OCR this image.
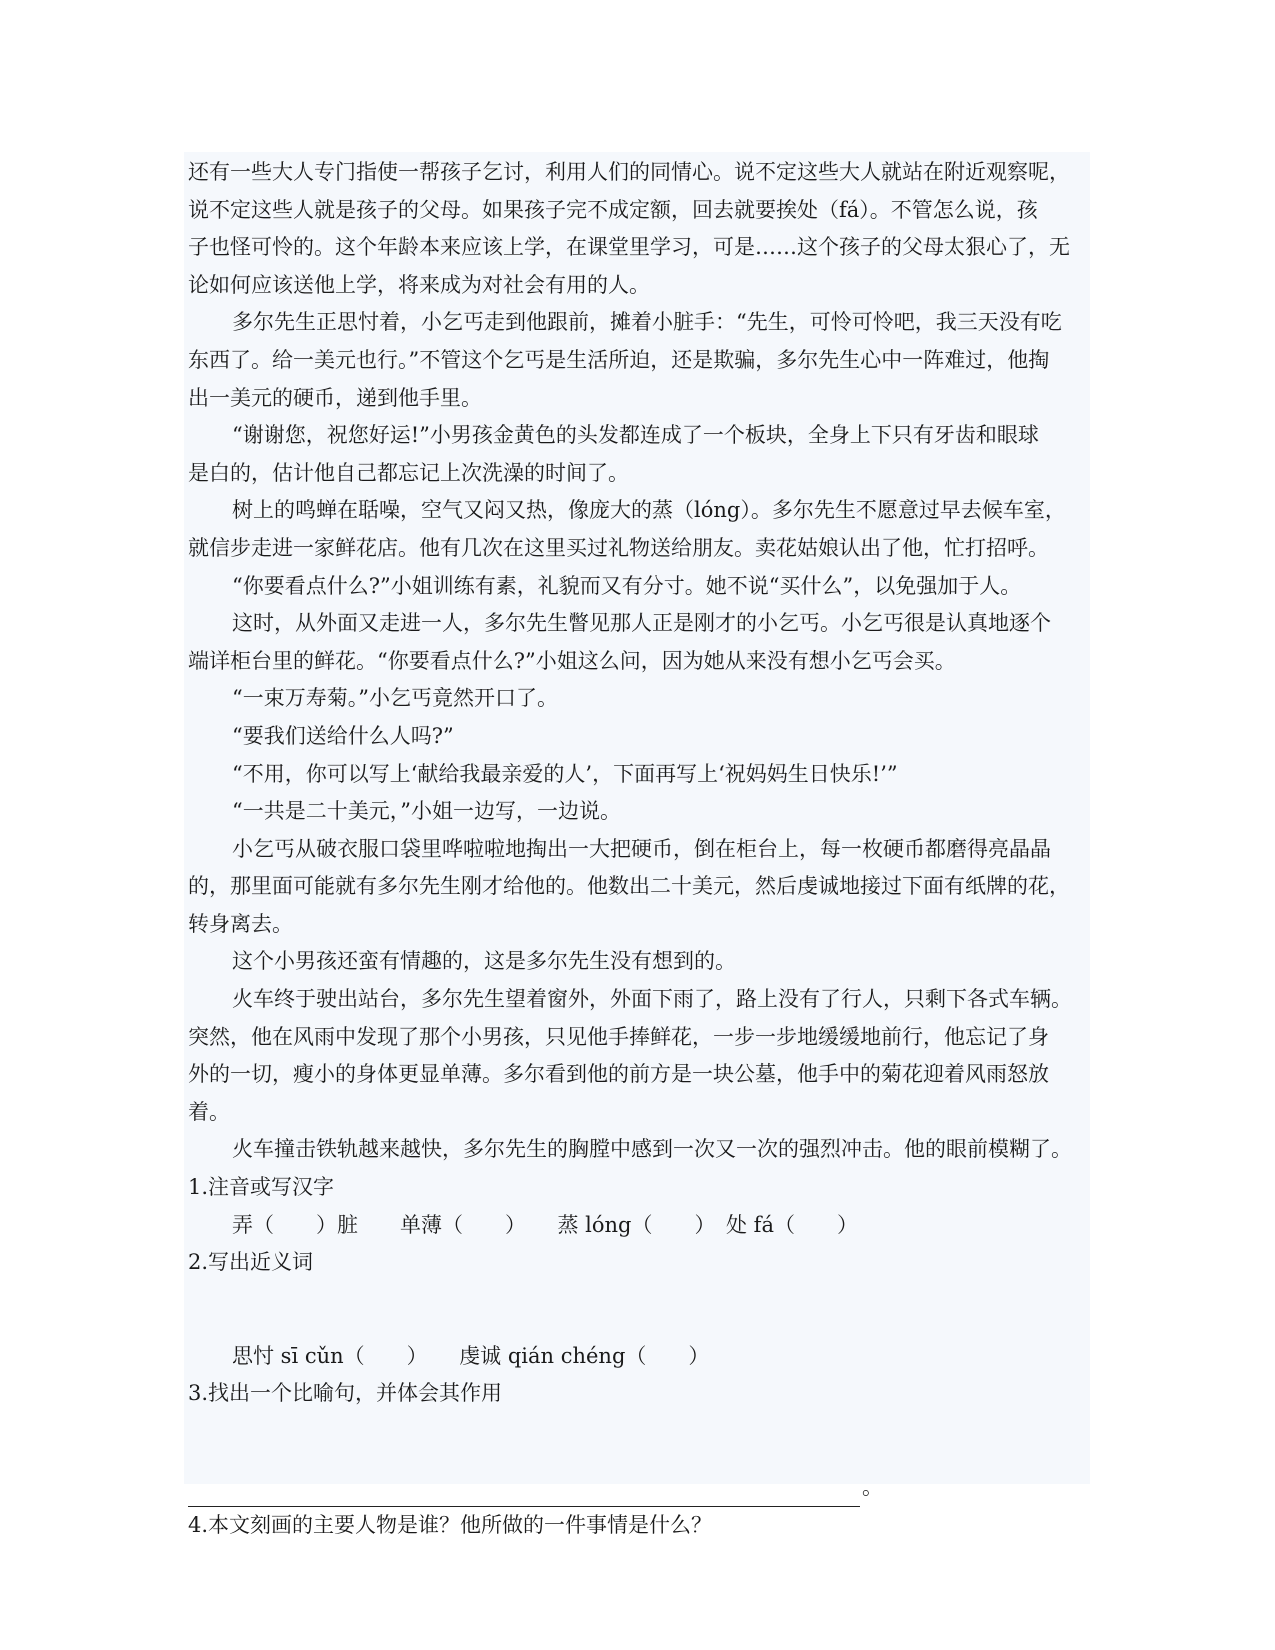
还有一些大人专门指使一帮孩子乞讨，利用人们的同情心。说不定这些大人就站在附近观察呢，
说不定这些人就是孩子的父母。如果孩子完不成定额，回去就要挨处（fá）。不管怎么说，孩
子也怪可怜的。这个年龄本来应该上学，在课堂里学习，可是……这个孩子的父母太狠心了，无
论如何应该送他上学，将来成为对社会有用的人。
多尔先生正思忖着，小乞丐走到他跟前，摊着小脏手：“先生，可怜可怜吧，我三天没有吃
东西了。给一美元也行。”不管这个乞丐是生活所迫，还是欺骗，多尔先生心中一阵难过，他掏
出一美元的硬币，递到他手里。
“谢谢您，祝您好运!”小男孩金黄色的头发都连成了一个板块，全身上下只有牙齿和眼球
是白的，估计他自己都忘记上次洗澡的时间了。
树上的鸣蝉在聒噪，空气又闷又热，像庞大的蒸（lóng）。多尔先生不愿意过早去候车室，
就信步走进一家鲜花店。他有几次在这里买过礼物送给朋友。卖花姑娘认出了他，忙打招呼。
“你要看点什么?”小姐训练有素，礼貌而又有分寸。她不说“买什么”，以免强加于人。
这时，从外面又走进一人，多尔先生瞥见那人正是刚才的小乞丐。小乞丐很是认真地逐个
端详柜台里的鲜花。“你要看点什么?”小姐这么问，因为她从来没有想小乞丐会买。
“一束万寿菊。”小乞丐竟然开口了。
“要我们送给什么人吗?”
“不用，你可以写上‘献给我最亲爱的人’，下面再写上‘祝妈妈生日快乐!’”
“一共是二十美元，”小姐一边写，一边说。
小乞丐从破衣服口袋里哗啦啦地掏出一大把硬币，倒在柜台上，每一枚硬币都磨得亮晶晶
的，那里面可能就有多尔先生刚才给他的。他数出二十美元，然后虔诚地接过下面有纸牌的花，
转身离去。
这个小男孩还蛮有情趣的，这是多尔先生没有想到的。
火车终于驶出站台，多尔先生望着窗外，外面下雨了，路上没有了行人，只剩下各式车辆。
突然，他在风雨中发现了那个小男孩，只见他手捧鲜花，一步一步地缓缓地前行，他忘记了身
外的一切，瘦小的身体更显单薄。多尔看到他的前方是一块公墓，他手中的菊花迎着风雨怒放
着。
火车撞击铁轨越来越快，多尔先生的胸膛中感到一次又一次的强烈冲击。他的眼前模糊了。
1.注音或写汉字
弄（　　）脏　　单薄（　　）　　蒸 lóng（　　）　处 fá（　　）
2.写出近义词
思忖 sī cǔn（　　）　　虔诚 qián chéng（　　）
3.找出一个比喻句，并体会其作用
。
4.本文刻画的主要人物是谁？他所做的一件事情是什么？
